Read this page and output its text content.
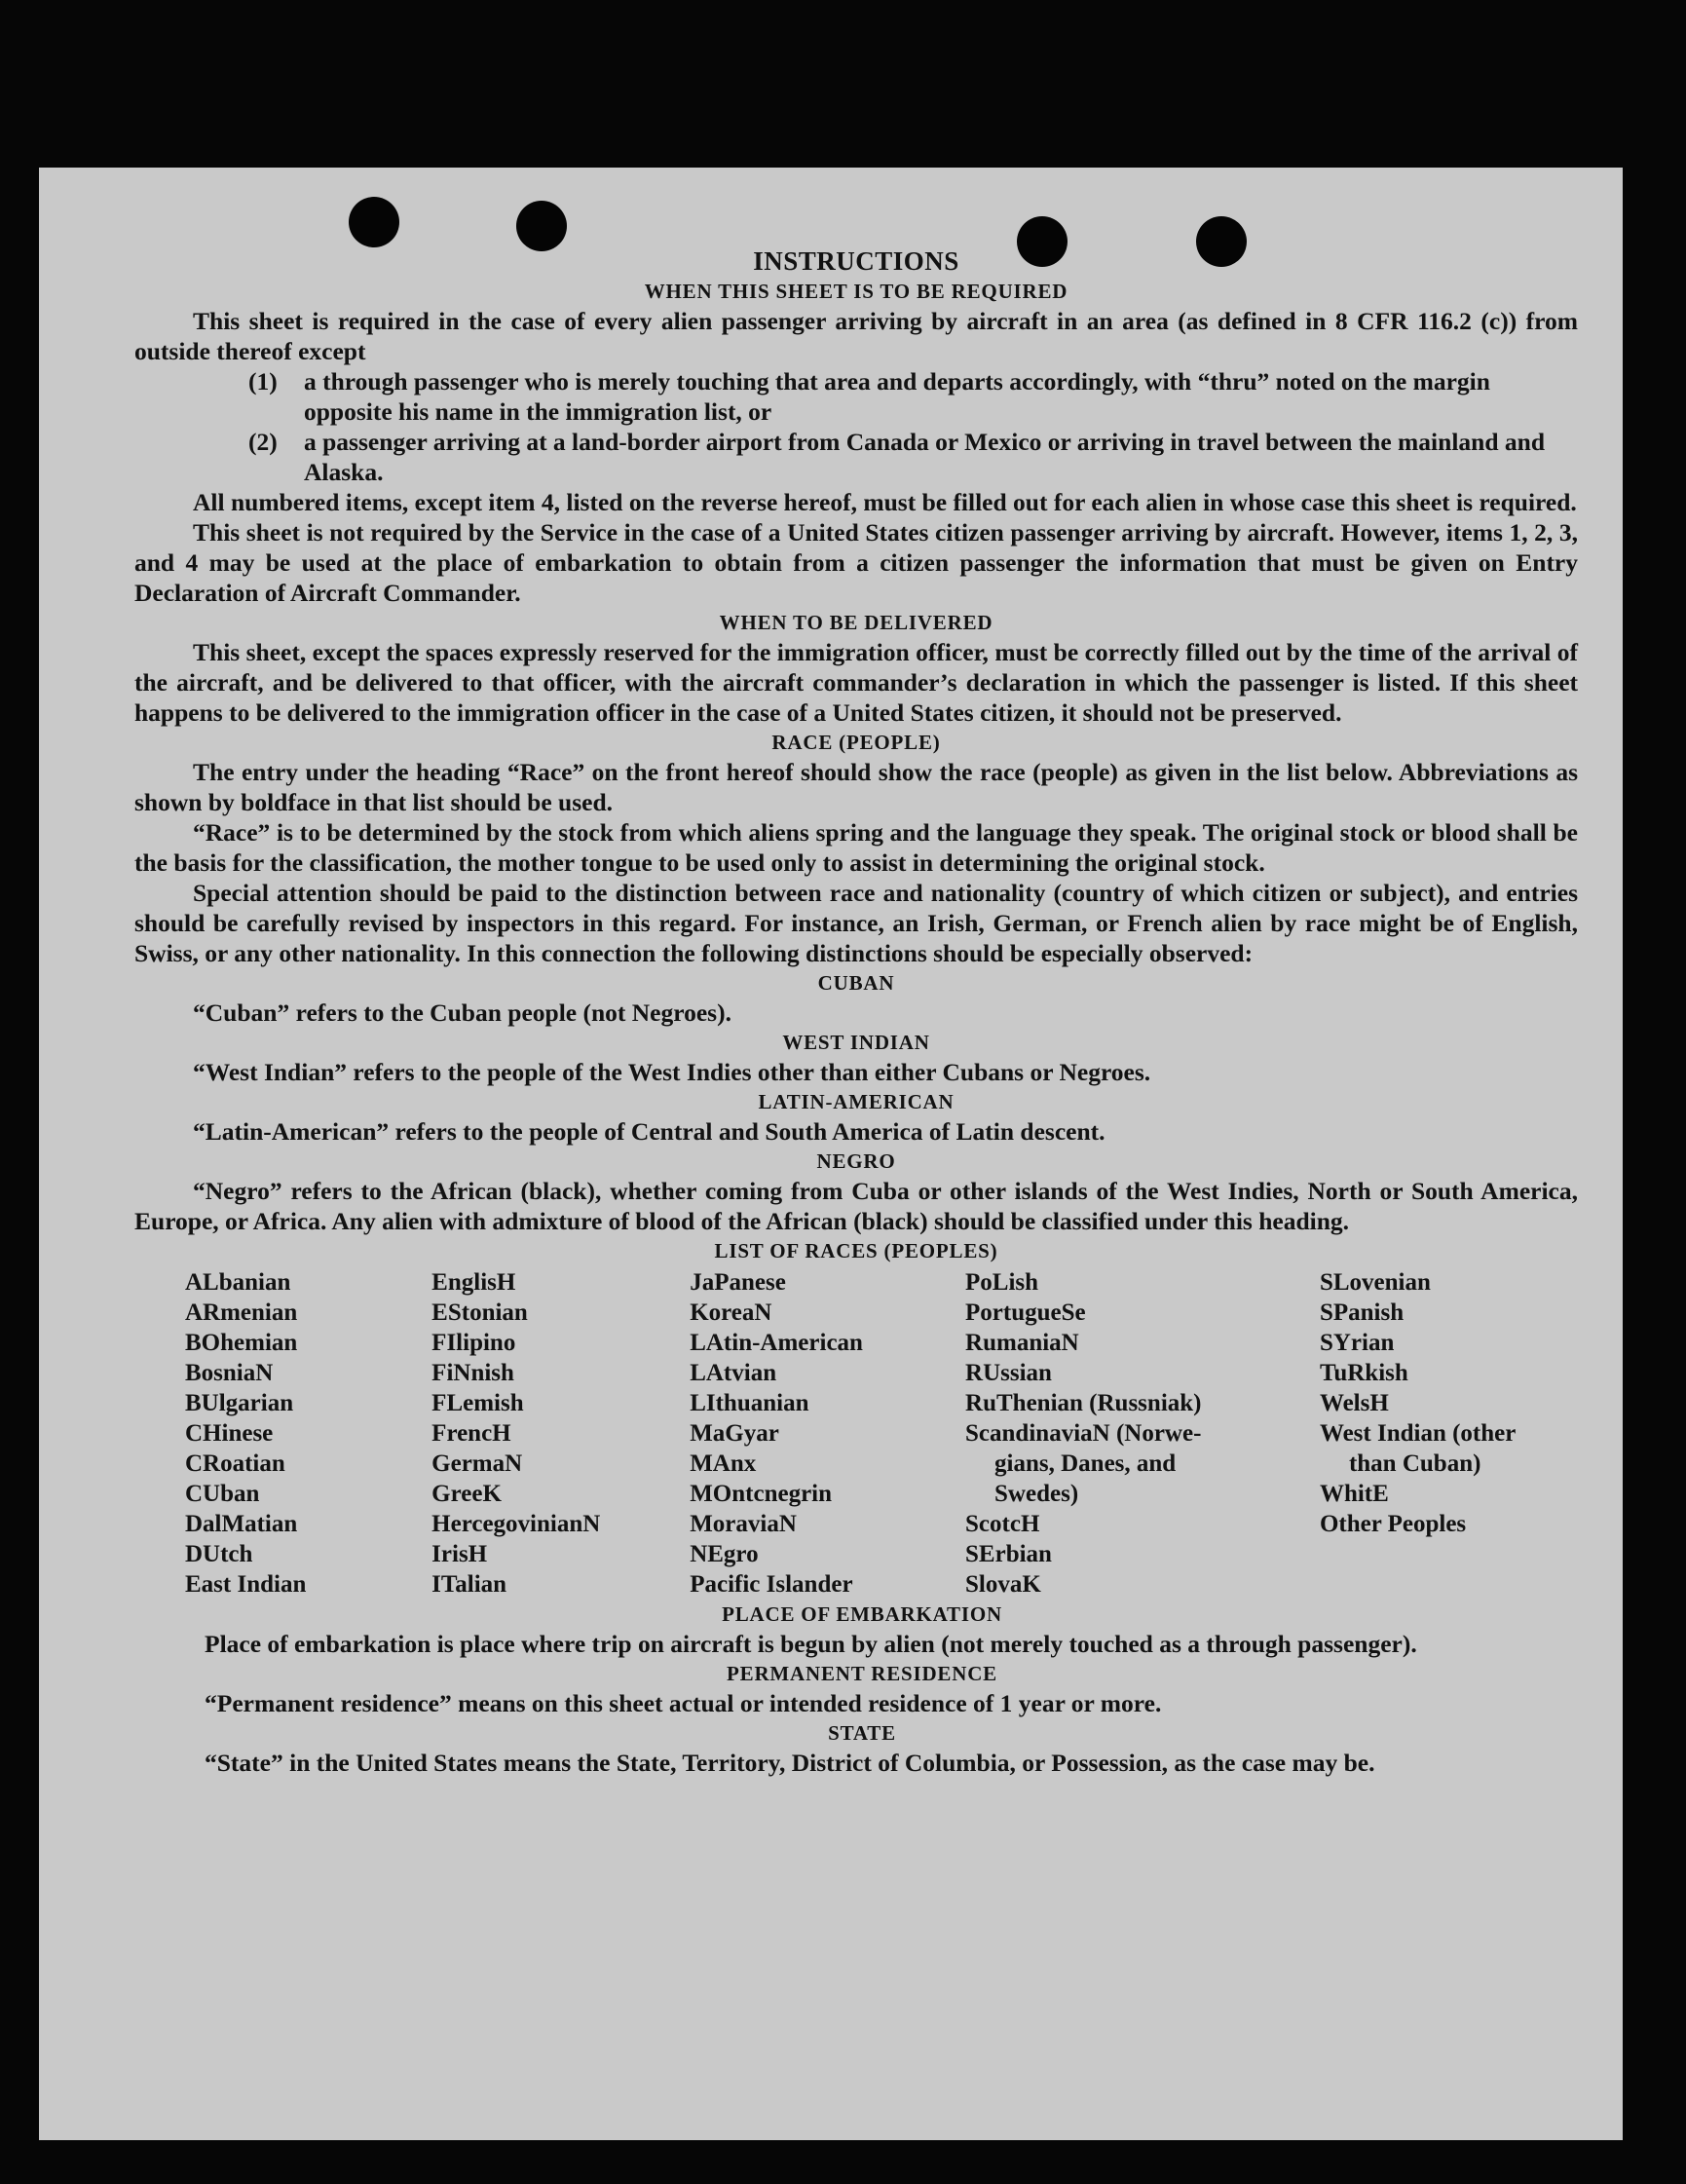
INSTRUCTIONS
WHEN THIS SHEET IS TO BE REQUIRED

This sheet is required in the case of every alien passenger arriving by aircraft in an area (as defined in 8 CFR 116.2 (c)) from outside thereof except

(1)	a through passenger who is merely touching that area and departs accordingly, with “thru” noted on the margin opposite his name in the immigration list, or
(2)	a passenger arriving at a land-border airport from Canada or Mexico or arriving in travel between the mainland and Alaska.

All numbered items, except item 4, listed on the reverse hereof, must be filled out for each alien in whose case this sheet is required.

This sheet is not required by the Service in the case of a United States citizen passenger arriving by aircraft. However, items 1, 2, 3, and 4 may be used at the place of embarkation to obtain from a citizen passenger the information that must be given on Entry Declaration of Aircraft Commander.

WHEN TO BE DELIVERED

This sheet, except the spaces expressly reserved for the immigration officer, must be correctly filled out by the time of the arrival of the aircraft, and be delivered to that officer, with the aircraft commander’s declaration in which the passenger is listed. If this sheet happens to be delivered to the immigration officer in the case of a United States citizen, it should not be preserved.

RACE (PEOPLE)

The entry under the heading “Race” on the front hereof should show the race (people) as given in the list below. Abbreviations as shown by boldface in that list should be used.

“Race” is to be determined by the stock from which aliens spring and the language they speak. The original stock or blood shall be the basis for the classification, the mother tongue to be used only to assist in determining the original stock.

Special attention should be paid to the distinction between race and nationality (country of which citizen or subject), and entries should be carefully revised by inspectors in this regard. For instance, an Irish, German, or French alien by race might be of English, Swiss, or any other nationality. In this connection the following distinctions should be especially observed:

CUBAN

“Cuban” refers to the Cuban people (not Negroes).

WEST INDIAN

“West Indian” refers to the people of the West Indies other than either Cubans or Negroes.

LATIN-AMERICAN

“Latin-American” refers to the people of Central and South America of Latin descent.

NEGRO

“Negro” refers to the African (black), whether coming from Cuba or other islands of the West Indies, North or South America, Europe, or Africa. Any alien with admixture of blood of the African (black) should be classified under this heading.

LIST OF RACES (PEOPLES)
ALbanian
ARmenian
BOhemian
BosniaN
BUlgarian
CHinese
CRoatian
CUban
DalMatian
DUtch
East Indian
EnglisH
EStonian
FIlipino
FiNnish
FLemish
FrencH
GermaN
GreeK
HercegovinianN
IrisH
ITalian
JaPanese
KoreaN
LAtin-American
LAtvian
LIthuanian
MaGyar
MAnx
MOntcnegrin
MoraviaN
NEgro
Pacific Islander
PoLish
PortugueSe
RumaniaN
RUssian
RuThenian (Russniak)
ScandinaviaN (Norwe-
gians, Danes, and
Swedes)
ScotcH
SErbian
SlovaK
SLovenian
SPanish
SYrian
TuRkish
WelsH
West Indian (other
than Cuban)
WhitE
Other Peoples
PLACE OF EMBARKATION

Place of embarkation is place where trip on aircraft is begun by alien (not merely touched as a through passenger).

PERMANENT RESIDENCE

“Permanent residence” means on this sheet actual or intended residence of 1 year or more.

STATE

“State” in the United States means the State, Territory, District of Columbia, or Possession, as the case may be.
